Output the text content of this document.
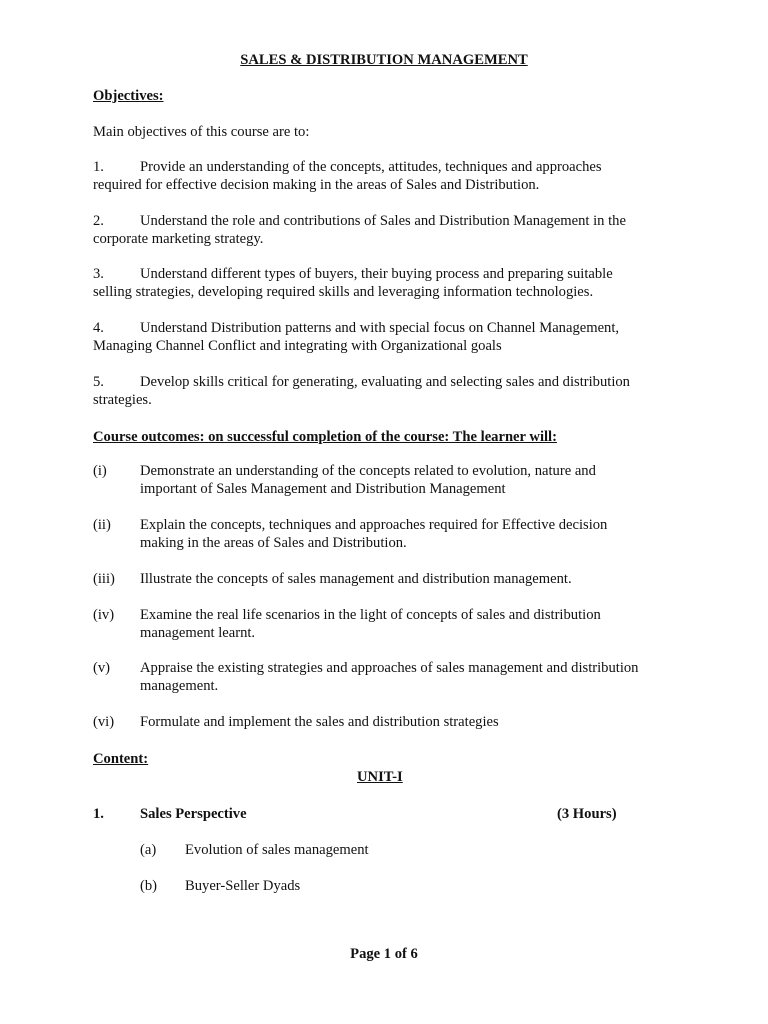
SALES & DISTRIBUTION MANAGEMENT
Objectives:
Main objectives of this course are to:
1. Provide an understanding of the concepts, attitudes, techniques and approaches
required for effective decision making in the areas of Sales and Distribution.
2. Understand the role and contributions of Sales and Distribution Management in the
corporate marketing strategy.
3. Understand different types of buyers, their buying process and preparing suitable
selling strategies, developing required skills and leveraging information technologies.
4. Understand Distribution patterns and with special focus on Channel Management,
Managing Channel Conflict and integrating with Organizational goals
5. Develop skills critical for generating, evaluating and selecting sales and distribution
strategies.
Course outcomes: on successful completion of the course: The learner will:
(i) Demonstrate an understanding of the concepts related to evolution, nature and
important of Sales Management and Distribution Management
(ii) Explain the concepts, techniques and approaches required for Effective decision
making in the areas of Sales and Distribution.
(iii) Illustrate the concepts of sales management and distribution management.
(iv) Examine the real life scenarios in the light of concepts of sales and distribution
management learnt.
(v) Appraise the existing strategies and approaches of sales management and distribution
management.
(vi) Formulate and implement the sales and distribution strategies
Content:
UNIT-I
1. Sales Perspective	(3 Hours)
(a) Evolution of sales management
(b) Buyer-Seller Dyads
Page 1 of 6
